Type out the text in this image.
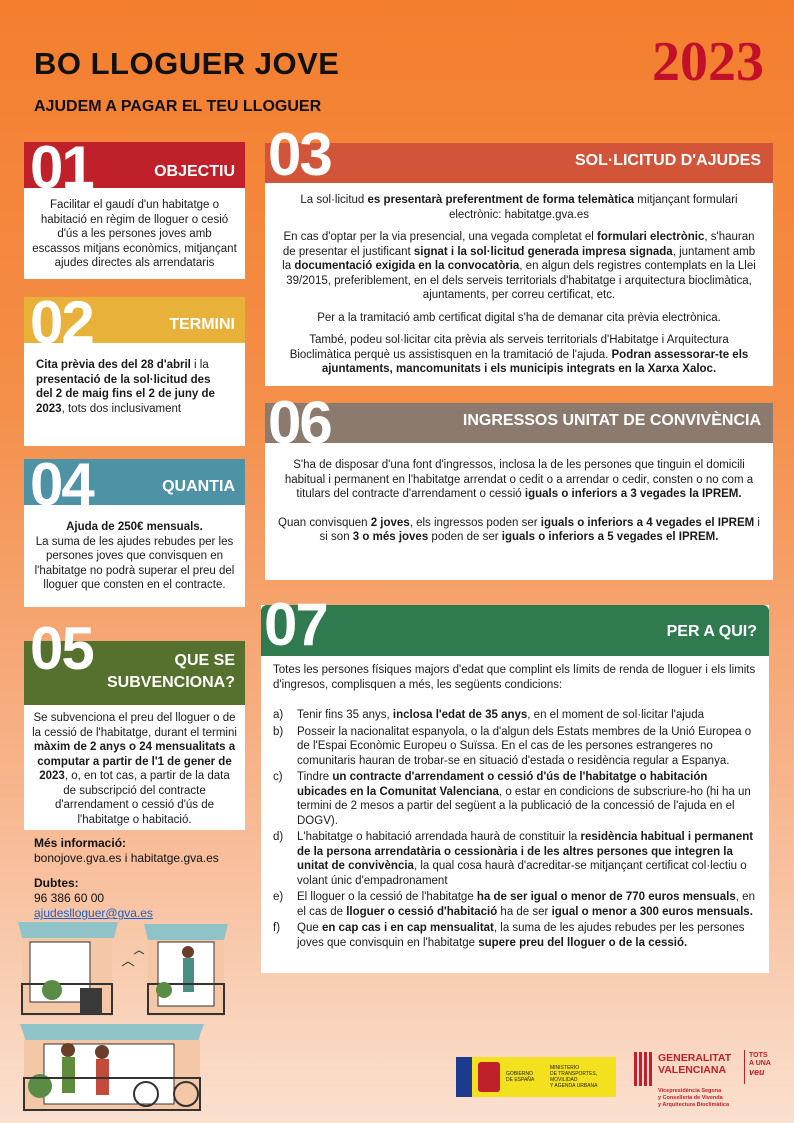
BO LLOGUER JOVE
AJUDEM A PAGAR EL TEU LLOGUER
2023
01	OBJECTIU
Facilitar el gaudí d'un habitatge o habitació en règim de lloguer o cesió d'ús a les persones joves amb escassos mitjans econòmics, mitjançant ajudes directes als arrendataris
02	TERMINI
Cita prèvia des del 28 d'abril i la presentació de la sol·licitud des del 2 de maig fins el 2 de juny de 2023, tots dos inclusivament
04	QUANTIA
Ajuda de 250€ mensuals.
La suma de les ajudes rebudes per les persones joves que convisquen en l'habitatge no podrà superar el preu del lloguer que consten en el contracte.
05	QUE SE
SUBVENCIONA?
Se subvenciona el preu del lloguer o de la cessió de l'habitatge, durant el termini màxim de 2 anys o 24 mensualitats a computar a partir de l'1 de gener de 2023, o, en tot cas, a partir de la data de subscripció del contracte d'arrendament o cessió d'ús de l'habitatge o habitació.
03	SOL·LICITUD D'AJUDES

La sol·licitud es presentarà preferentment de forma telemàtica mitjançant formulari electrònic: habitatge.gva.es

En cas d'optar per la via presencial, una vegada completat el formulari electrònic, s'hauran de presentar el justificant signat i la sol·licitud generada impresa signada, juntament amb la documentació exigida en la convocatòria, en algun dels registres contemplats en la Llei 39/2015, preferiblement, en el dels serveis territorials d'habitatge i arquitectura bioclimàtica, ajuntaments, per correu certificat, etc.

Per a la tramitació amb certificat digital s'ha de demanar cita prèvia electrònica.

També, podeu sol·licitar cita prèvia als serveis territorials d'Habitatge i Arquitectura Bioclimàtica perquè us assistisquen en la tramitació de l'ajuda. Podran assessorar-te els ajuntaments, mancomunitats i els municipis integrats en la Xarxa Xaloc.

06	INGRESSOS UNITAT DE CONVIVÈNCIA

S'ha de disposar d'una font d'ingressos, inclosa la de les persones que tinguin el domicili habitual i permanent en l'habitatge arrendat o cedit o a arrendar o cedir, consten o no com a titulars del contracte d'arrendament o cessió iguals o inferiors a 3 vegades la IPREM.

Quan convisquen 2 joves, els ingressos poden ser iguals o inferiors a 4 vegades el IPREM i si son 3 o més joves poden de ser iguals o inferiors a 5 vegades el IPREM.

07	PER A QUI?

Totes les persones físiques majors d'edat que complint els límits de renda de lloguer i els limits d'ingresos, complisquen a més, les següents condicions:

a)	Tenir fins 35 anys, inclosa l'edat de 35 anys, en el moment de sol·licitar l'ajuda
b)	Posseir la nacionalitat espanyola, o la d'algun dels Estats membres de la Unió Europea o de l'Espai Econòmic Europeu o Suïssa. En el cas de les persones estrangeres no comunitaris hauran de trobar-se en situació d'estada o residència regular a Espanya.
c)	Tindre un contracte d'arrendament o cessió d'ús de l'habitatge o habitación ubicades en la Comunitat Valenciana, o estar en condicions de subscriure-ho (hi ha un termini de 2 mesos a partir del següent a la publicació de la concessió de l'ajuda en el DOGV).
d)	L'habitatge o habitació arrendada haurà de constituir la residència habitual i permanent de la persona arrendatària o cessionària i de les altres persones que integren la unitat de convivència, la qual cosa haurà d'acreditar-se mitjançant certificat col·lectiu o volant únic d'empadronament
e)	El lloguer o la cessió de l'habitatge ha de ser igual o menor de 770 euros mensuals, en el cas de lloguer o cessió d'habitació ha de ser igual o menor a 300 euros mensuals.
f)	Que en cap cas i en cap mensualitat, la suma de les ajudes rebudes per les persones joves que convisquin en l'habitatge supere preu del lloguer o de la cessió.
Més informació:
bonojove.gva.es i habitatge.gva.es
Dubtes:
96 386 60 00
ajudeslloguer@gva.es
GOBIERNO
DE ESPAÑA
MINISTERIO
DE TRANSPORTES, MOVILIDAD
Y AGENDA URBANA
GENERALITAT
VALENCIANA
TOTS
A UNA
veu
Vicepresidència Segona
y Conselleria de Vivenda
y Arquitectura Bioclimàtica
